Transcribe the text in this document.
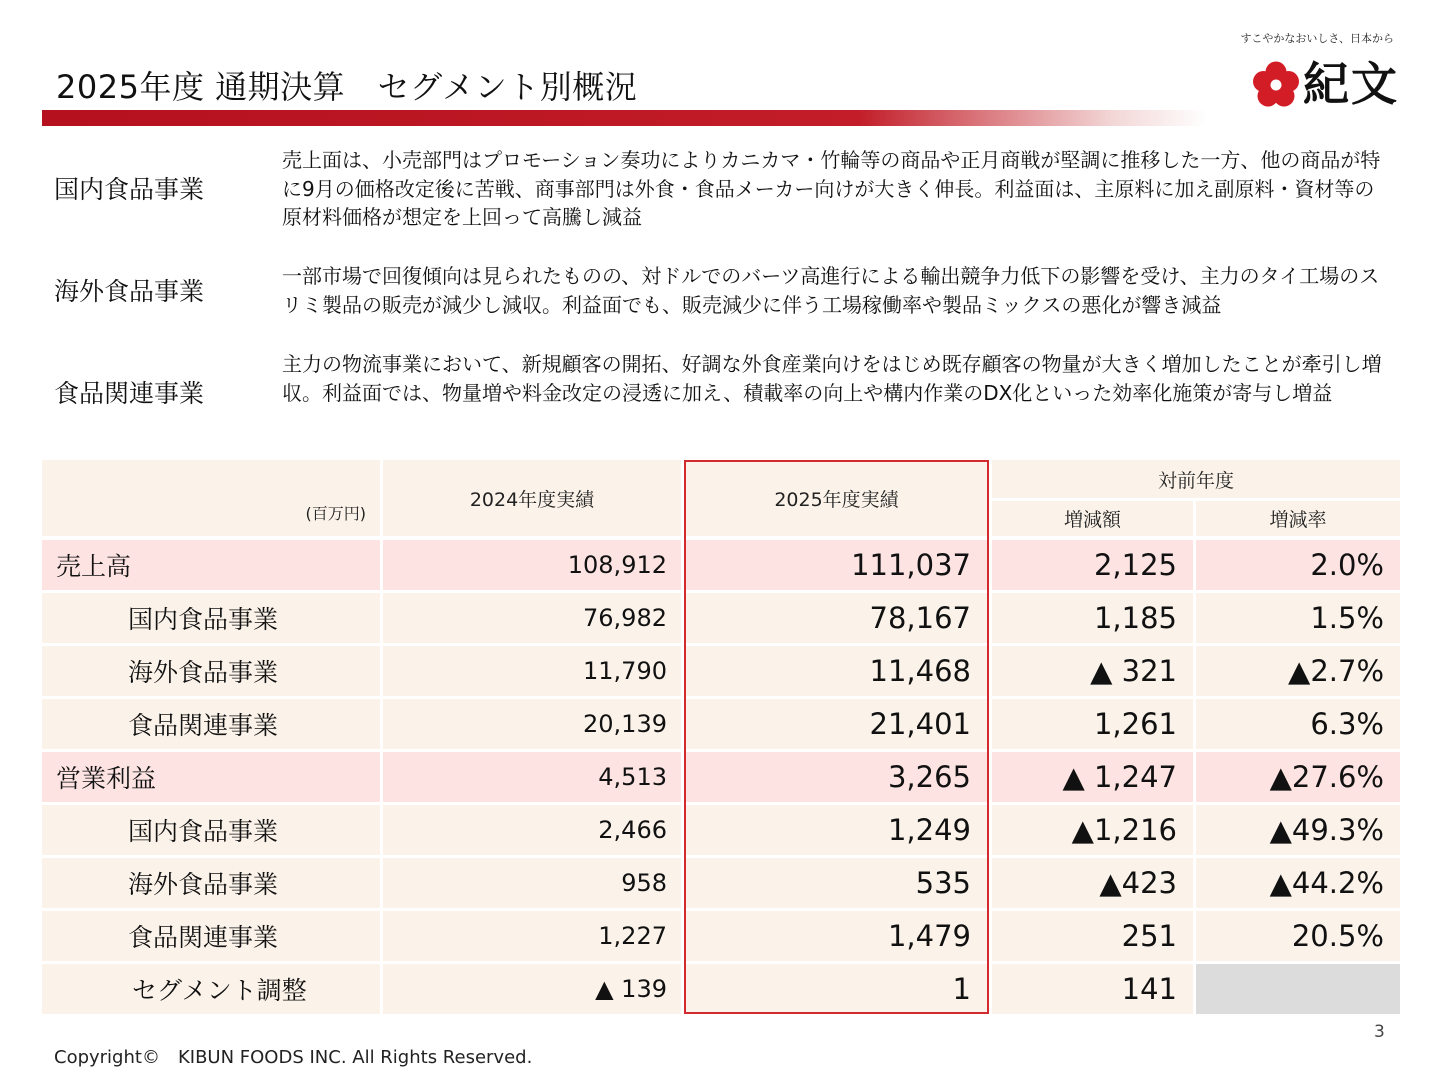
2025年度 通期決算　セグメント別概況
すこやかなおいしさ、日本から
紀文
国内食品事業
売上面は、小売部門はプロモーション奏功によりカニカマ・竹輪等の商品や正月商戦が堅調に推移した一方、他の商品が特に9月の価格改定後に苦戦、商事部門は外食・食品メーカー向けが大きく伸長。利益面は、主原料に加え副原料・資材等の原材料価格が想定を上回って高騰し減益
海外食品事業
一部市場で回復傾向は見られたものの、対ドルでのバーツ高進行による輸出競争力低下の影響を受け、主力のタイ工場のスリミ製品の販売が減少し減収。利益面でも、販売減少に伴う工場稼働率や製品ミックスの悪化が響き減益
食品関連事業
主力の物流事業において、新規顧客の開拓、好調な外食産業向けをはじめ既存顧客の物量が大きく増加したことが牽引し増収。利益面では、物量増や料金改定の浸透に加え、積載率の向上や構内作業のDX化といった効率化施策が寄与し増益
(百万円)
2024年度実績	2025年度実績
対前年度
増減額	増減率
売上高	108,912	111,037	2,125	2.0%
国内食品事業	76,982	78,167	1,185	1.5%
海外食品事業	11,790	11,468	▲ 321	▲2.7%
食品関連事業	20,139	21,401	1,261	6.3%
営業利益	4,513	3,265	▲ 1,247	▲27.6%
国内食品事業	2,466	1,249	▲1,216	▲49.3%
海外食品事業	958	535	▲423	▲44.2%
食品関連事業	1,227	1,479	251	20.5%
セグメント調整	▲ 139	1	141
3
Copyright©　KIBUN FOODS INC. All Rights Reserved.
